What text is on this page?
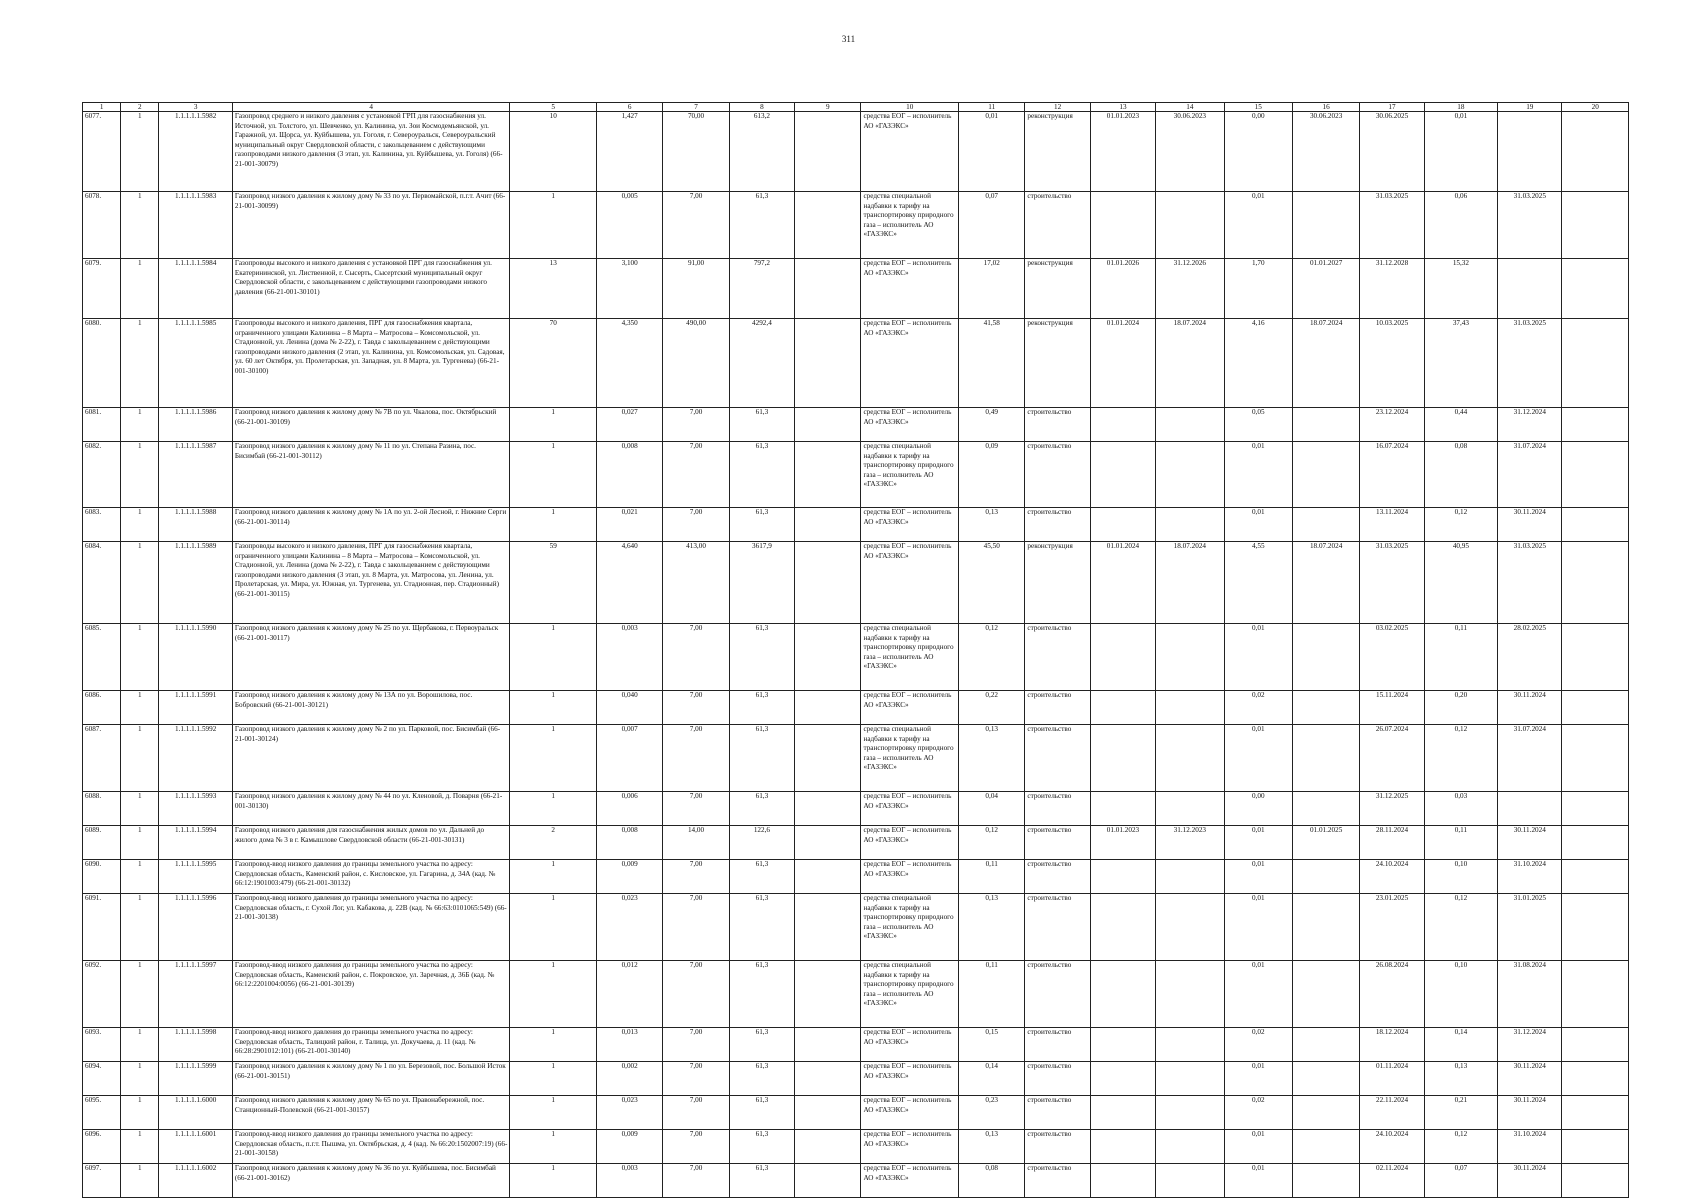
311
1	2	3	4	5	6	7	8	9	10	11	12	13	14	15	16	17	18	19	20
6077.	1	1.1.1.1.1.5982	Газопровод среднего и низкого давления с установкой ГРП для газоснабжения ул. Источной, ул. Толстого, ул. Шевченко, ул. Калинина, ул. Зои Космодемьянской, ул. Гаражной, ул. Щорса, ул. Куйбышева, ул. Гоголя, г. Североуральск, Североуральский муниципальный округ Свердловской области, с закольцеванием с действующими газопроводами низкого давления (3 этап, ул. Калинина, ул. Куйбышева, ул. Гоголя) (66-21-001-30079)	10	1,427	70,00	613,2		средства ЕОГ – исполнитель АО «ГАЗЭКС»	0,01	реконструкция	01.01.2023	30.06.2023	0,00	30.06.2023	30.06.2025	0,01		
6078.	1	1.1.1.1.1.5983	Газопровод низкого давления к жилому дому № 33 по ул. Первомайской, п.г.т. Ачит (66-21-001-30099)	1	0,005	7,00	61,3		средства специальной надбавки к тарифу на транспортировку природного газа – исполнитель АО «ГАЗЭКС»	0,07	строительство			0,01		31.03.2025	0,06	31.03.2025	
6079.	1	1.1.1.1.1.5984	Газопроводы высокого и низкого давления с установкой ПРГ для газоснабжения ул. Екатерининской, ул. Лиственной, г. Сысерть, Сысертский муниципальный округ Свердловской области, с закольцеванием с действующими газопроводами низкого давления (66-21-001-30101)	13	3,100	91,00	797,2		средства ЕОГ – исполнитель АО «ГАЗЭКС»	17,02	реконструкция	01.01.2026	31.12.2026	1,70	01.01.2027	31.12.2028	15,32		
6080.	1	1.1.1.1.1.5985	Газопроводы высокого и низкого давления, ПРГ для газоснабжения квартала, ограниченного улицами Калинина – 8 Марта – Матросова – Комсомольской, ул. Стадионной, ул. Ленина (дома № 2-22), г. Тавда с закольцеванием с действующими газопроводами низкого давления (2 этап, ул. Калинина, ул. Комсомольская, ул. Садовая, ул. 60 лет Октября, ул. Пролетарская, ул. Западная, ул. 8 Марта, ул. Тургенева) (66-21-001-30100)	70	4,350	490,00	4292,4		средства ЕОГ – исполнитель АО «ГАЗЭКС»	41,58	реконструкция	01.01.2024	18.07.2024	4,16	18.07.2024	10.03.2025	37,43	31.03.2025	
6081.	1	1.1.1.1.1.5986	Газопровод низкого давления к жилому дому № 7В по ул. Чкалова, пос. Октябрьский (66-21-001-30109)	1	0,027	7,00	61,3		средства ЕОГ – исполнитель АО «ГАЗЭКС»	0,49	строительство			0,05		23.12.2024	0,44	31.12.2024	
6082.	1	1.1.1.1.1.5987	Газопровод низкого давления к жилому дому № 11 по ул. Степана Разина, пос. Бисимбай (66-21-001-30112)	1	0,008	7,00	61,3		средства специальной надбавки к тарифу на транспортировку природного газа – исполнитель АО «ГАЗЭКС»	0,09	строительство			0,01		16.07.2024	0,08	31.07.2024	
6083.	1	1.1.1.1.1.5988	Газопровод низкого давления к жилому дому № 1А по ул. 2-ой Лесной, г. Нижние Серги (66-21-001-30114)	1	0,021	7,00	61,3		средства ЕОГ – исполнитель АО «ГАЗЭКС»	0,13	строительство			0,01		13.11.2024	0,12	30.11.2024	
6084.	1	1.1.1.1.1.5989	Газопроводы высокого и низкого давления, ПРГ для газоснабжения квартала, ограниченного улицами Калинина – 8 Марта – Матросова – Комсомольской, ул. Стадионной, ул. Ленина (дома № 2-22), г. Тавда с закольцеванием с действующими газопроводами низкого давления (3 этап, ул. 8 Марта, ул. Матросова, ул. Ленина, ул. Пролетарская, ул. Мира, ул. Южная, ул. Тургенева, ул. Стадионная, пер. Стадионный) (66-21-001-30115)	59	4,640	413,00	3617,9		средства ЕОГ – исполнитель АО «ГАЗЭКС»	45,50	реконструкция	01.01.2024	18.07.2024	4,55	18.07.2024	31.03.2025	40,95	31.03.2025	
6085.	1	1.1.1.1.1.5990	Газопровод низкого давления к жилому дому № 25 по ул. Щербакова, г. Первоуральск (66-21-001-30117)	1	0,003	7,00	61,3		средства специальной надбавки к тарифу на транспортировку природного газа – исполнитель АО «ГАЗЭКС»	0,12	строительство			0,01		03.02.2025	0,11	28.02.2025	
6086.	1	1.1.1.1.1.5991	Газопровод низкого давления к жилому дому № 13А по ул. Ворошилова, пос. Бобровский (66-21-001-30121)	1	0,040	7,00	61,3		средства ЕОГ – исполнитель АО «ГАЗЭКС»	0,22	строительство			0,02		15.11.2024	0,20	30.11.2024	
6087.	1	1.1.1.1.1.5992	Газопровод низкого давления к жилому дому № 2 по ул. Парковой, пос. Бисимбай (66-21-001-30124)	1	0,007	7,00	61,3		средства специальной надбавки к тарифу на транспортировку природного газа – исполнитель АО «ГАЗЭКС»	0,13	строительство			0,01		26.07.2024	0,12	31.07.2024	
6088.	1	1.1.1.1.1.5993	Газопровод низкого давления к жилому дому № 44 по ул. Кленовой, д. Поварня (66-21-001-30130)	1	0,006	7,00	61,3		средства ЕОГ – исполнитель АО «ГАЗЭКС»	0,04	строительство			0,00		31.12.2025	0,03		
6089.	1	1.1.1.1.1.5994	Газопровод низкого давления для газоснабжения жилых домов по ул. Дальней до жилого дома № 3 в г. Камышлове Свердловской области (66-21-001-30131)	2	0,008	14,00	122,6		средства ЕОГ – исполнитель АО «ГАЗЭКС»	0,12	строительство	01.01.2023	31.12.2023	0,01	01.01.2025	28.11.2024	0,11	30.11.2024	
6090.	1	1.1.1.1.1.5995	Газопровод-ввод низкого давления до границы земельного участка по адресу: Свердловская область, Каменский район, с. Кисловское, ул. Гагарина, д. 34А (кад. № 66:12:1901003:479) (66-21-001-30132)	1	0,009	7,00	61,3		средства ЕОГ – исполнитель АО «ГАЗЭКС»	0,11	строительство			0,01		24.10.2024	0,10	31.10.2024	
6091.	1	1.1.1.1.1.5996	Газопровод-ввод низкого давления до границы земельного участка по адресу: Свердловская область, г. Сухой Лог, ул. Кабакова, д. 22В (кад. № 66:63:0101065:549) (66-21-001-30138)	1	0,023	7,00	61,3		средства специальной надбавки к тарифу на транспортировку природного газа – исполнитель АО «ГАЗЭКС»	0,13	строительство			0,01		23.01.2025	0,12	31.01.2025	
6092.	1	1.1.1.1.1.5997	Газопровод-ввод низкого давления до границы земельного участка по адресу: Свердловская область, Каменский район, с. Покровское, ул. Заречная, д. 36Б (кад. № 66:12:2201004:0056) (66-21-001-30139)	1	0,012	7,00	61,3		средства специальной надбавки к тарифу на транспортировку природного газа – исполнитель АО «ГАЗЭКС»	0,11	строительство			0,01		26.08.2024	0,10	31.08.2024	
6093.	1	1.1.1.1.1.5998	Газопровод-ввод низкого давления до границы земельного участка по адресу: Свердловская область, Талицкий район, г. Талица, ул. Докучаева, д. 11 (кад. № 66:28:2901012:101) (66-21-001-30140)	1	0,013	7,00	61,3		средства ЕОГ – исполнитель АО «ГАЗЭКС»	0,15	строительство			0,02		18.12.2024	0,14	31.12.2024	
6094.	1	1.1.1.1.1.5999	Газопровод низкого давления к жилому дому № 1 по ул. Березовой, пос. Большой Исток (66-21-001-30151)	1	0,002	7,00	61,3		средства ЕОГ – исполнитель АО «ГАЗЭКС»	0,14	строительство			0,01		01.11.2024	0,13	30.11.2024	
6095.	1	1.1.1.1.1.6000	Газопровод низкого давления к жилому дому № 65 по ул. Правонабережной, пос. Станционный-Полевской (66-21-001-30157)	1	0,023	7,00	61,3		средства ЕОГ – исполнитель АО «ГАЗЭКС»	0,23	строительство			0,02		22.11.2024	0,21	30.11.2024	
6096.	1	1.1.1.1.1.6001	Газопровод-ввод низкого давления до границы земельного участка по адресу: Свердловская область, п.г.т. Пышма, ул. Октябрьская, д. 4 (кад. № 66:20:1502007:19) (66-21-001-30158)	1	0,009	7,00	61,3		средства ЕОГ – исполнитель АО «ГАЗЭКС»	0,13	строительство			0,01		24.10.2024	0,12	31.10.2024	
6097.	1	1.1.1.1.1.6002	Газопровод низкого давления к жилому дому № 36 по ул. Куйбышева, пос. Бисимбай (66-21-001-30162)	1	0,003	7,00	61,3		средства ЕОГ – исполнитель АО «ГАЗЭКС»	0,08	строительство			0,01		02.11.2024	0,07	30.11.2024	
